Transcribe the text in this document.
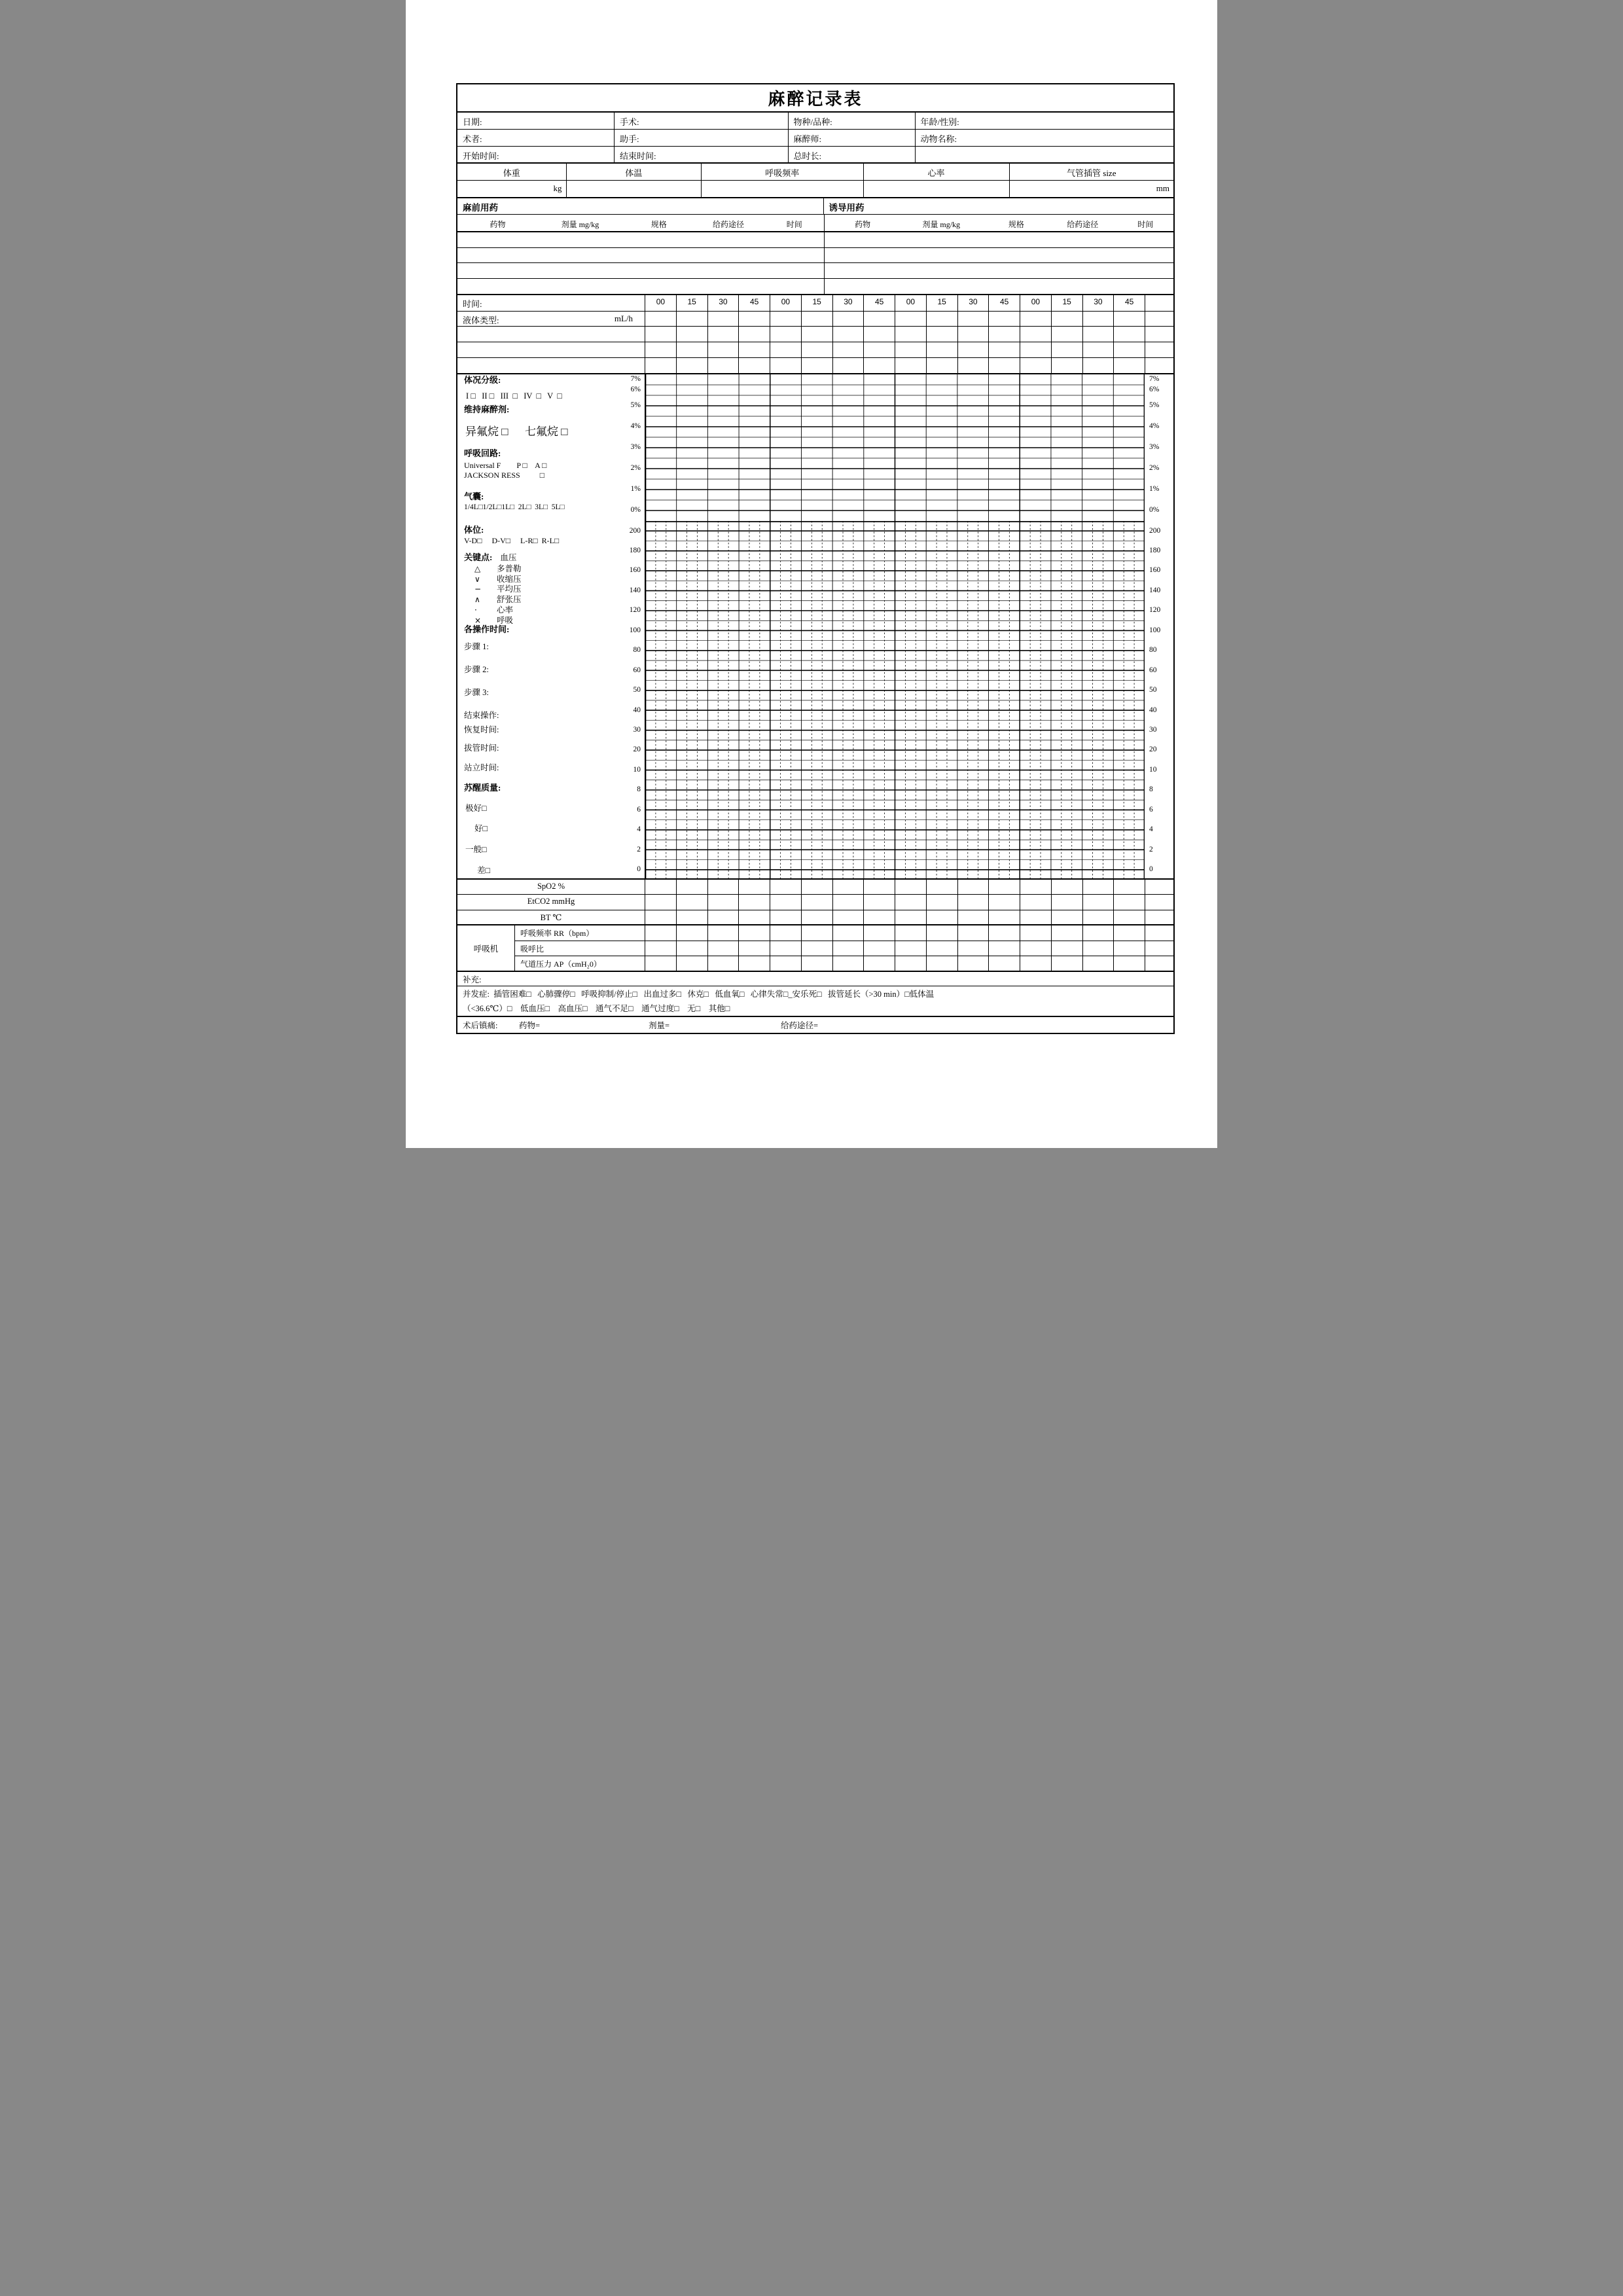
麻醉记录表
日期:	手术:	物种/品种:	年龄/性别:
术者:	助手:	麻醉师:	动物名称:
开始时间:	结束时间:	总时长:
体重	体温	呼吸频率	心率	气管插管 size
kg	mm
麻前用药	诱导用药
药物	剂量 mg/kg	规格	给药途径	时间	药物	剂量 mg/kg	规格	给药途径	时间
时间:	00	15	30	45	00	15	30	45	00	15	30	45	00	15	30	45
液体类型:	mL/h
体况分级:
I □   II □   III  □   IV  □   V  □
维持麻醉剂:
异氟烷 □      七氟烷 □
呼吸回路:
Universal F        P □    A □
JACKSON RESS          □
气囊:
1/4L□1/2L□1L□  2L□  3L□  5L□
体位:
V-D□     D-V□     L-R□  R-L□
关键点: 血压
△ 多普勒
∨ 收缩压
− 平均压
∧ 舒张压
· 心率
× 呼吸
各操作时间:
步骤 1:
步骤 2:
步骤 3:
结束操作:
恢复时间:
拔管时间:
站立时间:
苏醒质量:
极好□
好□
一般□
差□
7%	7%
6%	6%
5%	5%
4%	4%
3%	3%
2%	2%
1%	1%
0%	0%
200	200
180	180
160	160
140	140
120	120
100	100
80	80
60	60
50	50
40	40
30	30
20	20
10	10
8	8
6	6
4	4
2	2
0	0
SpO2 %
EtCO2 mmHg
BT ℃
呼吸机
呼吸频率 RR（bpm）
吸呼比
气道压力 AP（cmH₂0）
补充:
并发症:  插管困难□   心肺骤停□   呼吸抑制/停止□   出血过多□   休克□   低血氧□   心律失常□_安乐死□   拔管延长（>30 min）□低体温
（<36.6℃）□    低血压□    高血压□    通气不足□    通气过度□    无□    其他□
术后镇痛:	药物=	剂量=	给药途径=
